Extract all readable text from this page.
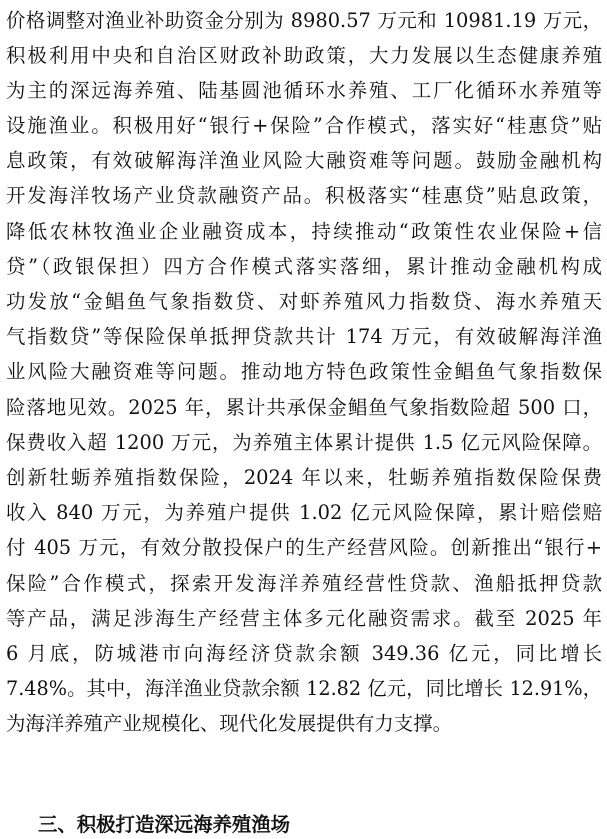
价格调整对渔业补助资金分别为 8980.57 万元和 10981.19 万元，
积极利用中央和自治区财政补助政策，大力发展以生态健康养殖
为主的深远海养殖、陆基圆池循环水养殖、工厂化循环水养殖等
设施渔业。积极用好“银行+保险”合作模式，落实好“桂惠贷”贴
息政策，有效破解海洋渔业风险大融资难等问题。鼓励金融机构
开发海洋牧场产业贷款融资产品。积极落实“桂惠贷”贴息政策，
降低农林牧渔业企业融资成本，持续推动“政策性农业保险+信
贷”（政银保担）四方合作模式落实落细，累计推动金融机构成
功发放“金鲳鱼气象指数贷、对虾养殖风力指数贷、海水养殖天
气指数贷”等保险保单抵押贷款共计 174 万元，有效破解海洋渔
业风险大融资难等问题。推动地方特色政策性金鲳鱼气象指数保
险落地见效。2025 年，累计共承保金鲳鱼气象指数险超 500 口，
保费收入超 1200 万元，为养殖主体累计提供 1.5 亿元风险保障。
创新牡蛎养殖指数保险，2024 年以来，牡蛎养殖指数保险保费
收入 840 万元，为养殖户提供 1.02 亿元风险保障，累计赔偿赔
付 405 万元，有效分散投保户的生产经营风险。创新推出“银行+
保险”合作模式，探索开发海洋养殖经营性贷款、渔船抵押贷款
等产品，满足涉海生产经营主体多元化融资需求。截至 2025 年
6 月底，防城港市向海经济贷款余额 349.36 亿元，同比增长
7.48%。其中，海洋渔业贷款余额 12.82 亿元，同比增长 12.91%，
为海洋养殖产业规模化、现代化发展提供有力支撑。
三、积极打造深远海养殖渔场
